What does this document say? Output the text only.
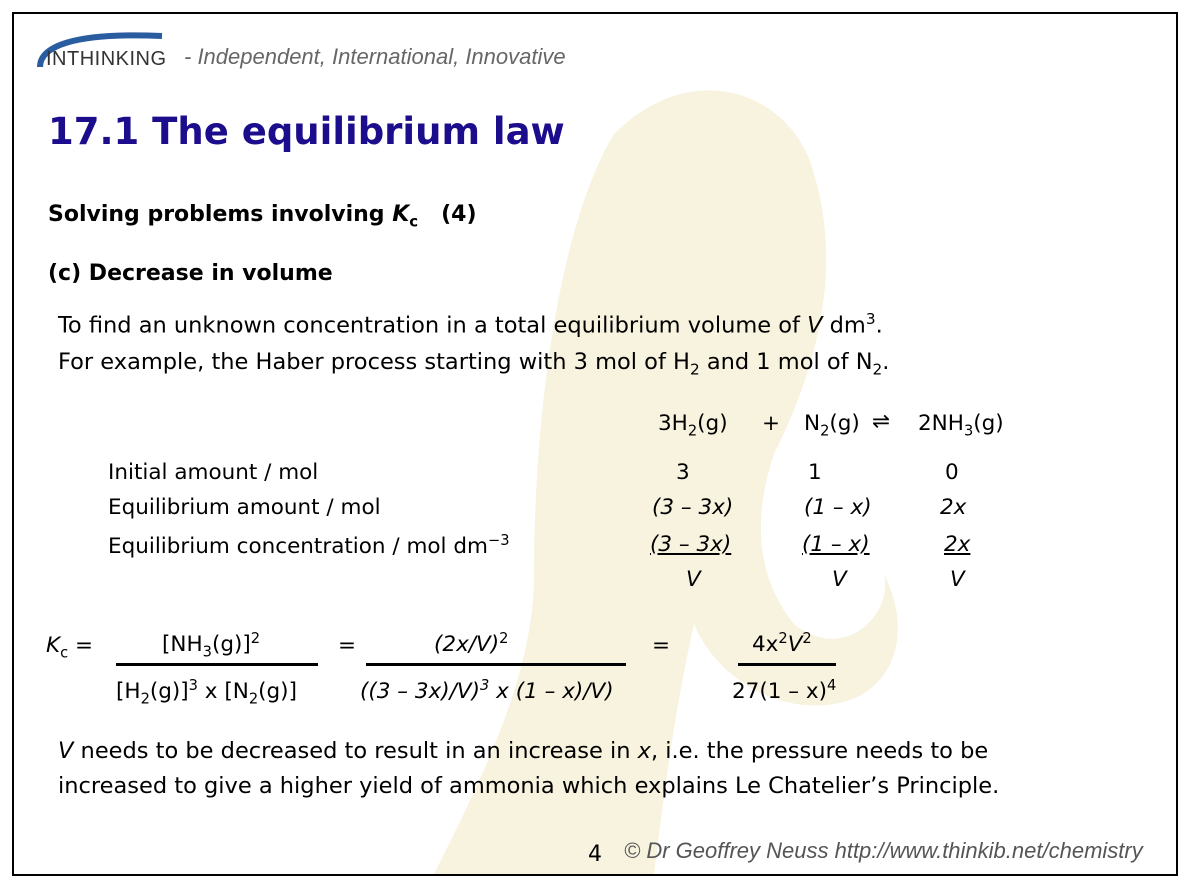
INTHINKING - Independent, International, Innovative
17.1 The equilibrium law
Solving problems involving $K_c$ (4)
(c) Decrease in volume
To find an unknown concentration in a total equilibrium volume of V $dm^3$.
For example, the Haber process starting with 3 mol of $H_2$ and 1 mol of $N_2$.
$3H_2(g) + N_2(g)$ ⇌ $2NH_3(g)$
Initial amount / mol	3	1	0
Equilibrium amount / mol	(3 – 3x)	(1 – x)	2x
Equilibrium concentration / mol $dm^{-3}$	(3 – 3x)	(1 – x)	2x
V	V	V
$K_c$ =	$[NH_3(g)]^2$
$[H_2(g)]^3$ x $[N_2(g)]$
=	$(2x/V)^2$
((3 – 3x)/V)$^3$ x (1 – x)/V)
=	$4x^2V^2$
27(1 – x)$^4$
V needs to be decreased to result in an increase in x, i.e. the pressure needs to be
increased to give a higher yield of ammonia which explains Le Chatelier’s Principle.
4 © Dr Geoffrey Neuss http://www.thinkib.net/chemistry
